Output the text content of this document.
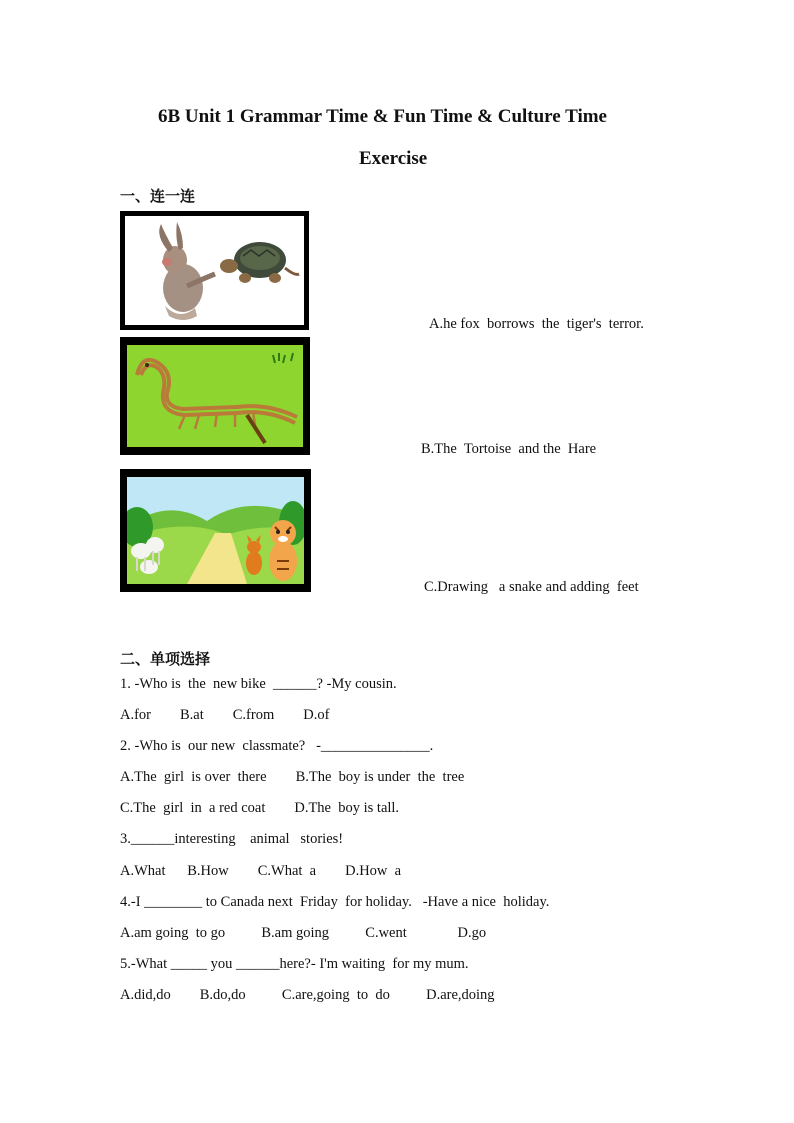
6B Unit 1 Grammar Time & Fun Time & Culture Time
Exercise
一、连一连
A.he fox  borrows  the  tiger's  terror.
B.The  Tortoise  and the  Hare
C.Drawing   a snake and adding  feet
二、单项选择
1. -Who is  the  new bike  ______? -My cousin.
A.for        B.at        C.from        D.of
2. -Who is  our new  classmate?   -_______________.
A.The  girl  is over  there        B.The  boy is under  the  tree
C.The  girl  in  a red coat        D.The  boy is tall.
3.______interesting    animal   stories!
A.What      B.How        C.What  a        D.How  a
4.-I ________ to Canada next  Friday  for holiday.   -Have a nice  holiday.
A.am going  to go          B.am going          C.went              D.go
5.-What _____ you ______here?- I'm waiting  for my mum.
A.did,do        B.do,do          C.are,going  to  do          D.are,doing
